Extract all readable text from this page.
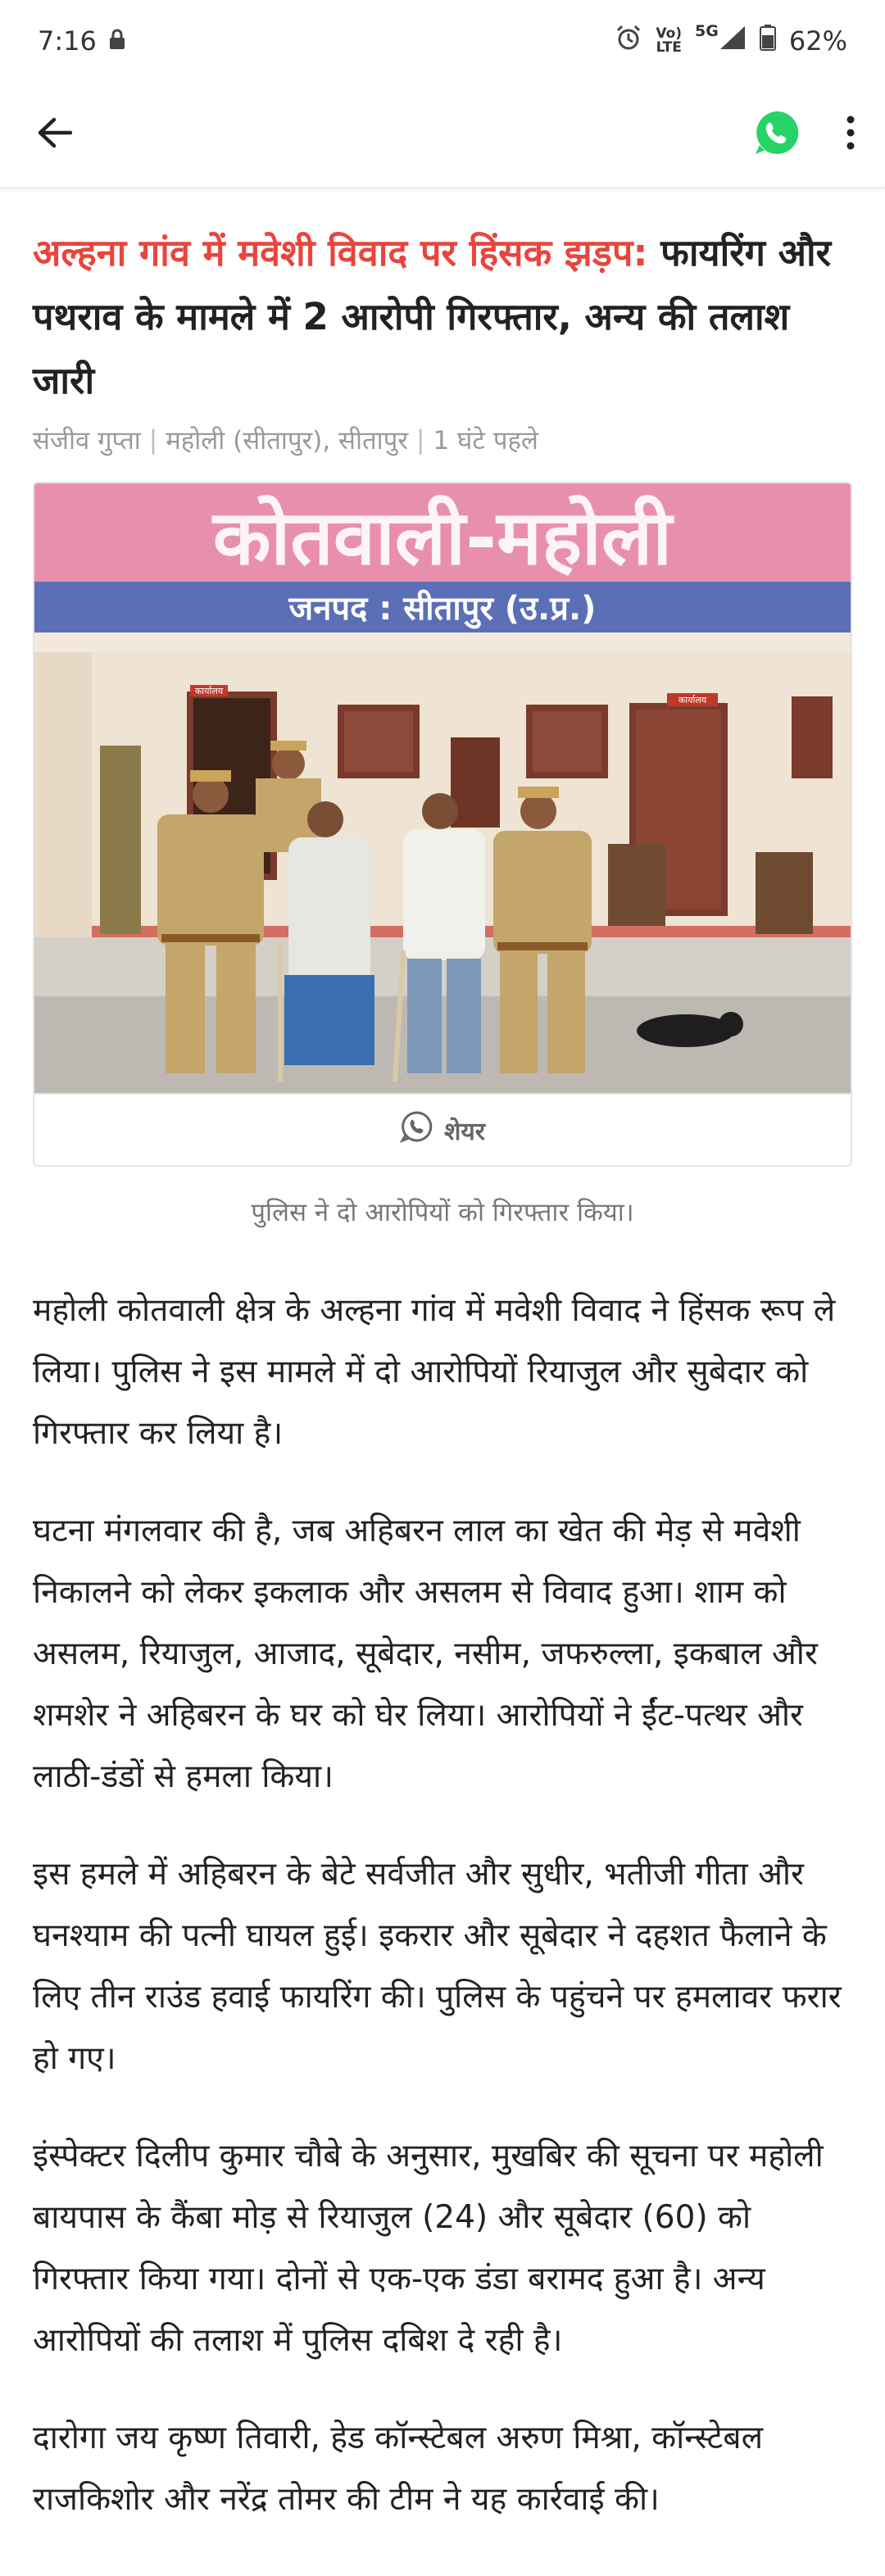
7:16	Vo)
LTE
5G	62%
अल्हना गांव में मवेशी विवाद पर हिंसक झड़प: फायरिंग और पथराव के मामले में 2 आरोपी गिरफ्तार, अन्य की तलाश जारी
संजीव गुप्ता | महोली (सीतापुर), सीतापुर | 1 घंटे पहले
कोतवाली-महोली
जनपद : सीतापुर (उ.प्र.)
कार्यालय
कार्यालय
शेयर
पुलिस ने दो आरोपियों को गिरफ्तार किया।

महोली कोतवाली क्षेत्र के अल्हना गांव में मवेशी विवाद ने हिंसक रूप ले लिया। पुलिस ने इस मामले में दो आरोपियों रियाजुल और सुबेदार को गिरफ्तार कर लिया है।

घटना मंगलवार की है, जब अहिबरन लाल का खेत की मेड़ से मवेशी निकालने को लेकर इकलाक और असलम से विवाद हुआ। शाम को असलम, रियाजुल, आजाद, सूबेदार, नसीम, जफरुल्ला, इकबाल और शमशेर ने अहिबरन के घर को घेर लिया। आरोपियों ने ईंट-पत्थर और लाठी-डंडों से हमला किया।

इस हमले में अहिबरन के बेटे सर्वजीत और सुधीर, भतीजी गीता और घनश्याम की पत्नी घायल हुई। इकरार और सूबेदार ने दहशत फैलाने के लिए तीन राउंड हवाई फायरिंग की। पुलिस के पहुंचने पर हमलावर फरार हो गए।

इंस्पेक्टर दिलीप कुमार चौबे के अनुसार, मुखबिर की सूचना पर महोली बायपास के कैंबा मोड़ से रियाजुल (24) और सूबेदार (60) को गिरफ्तार किया गया। दोनों से एक-एक डंडा बरामद हुआ है। अन्य आरोपियों की तलाश में पुलिस दबिश दे रही है।

दारोगा जय कृष्ण तिवारी, हेड कॉन्स्टेबल अरुण मिश्रा, कॉन्स्टेबल राजकिशोर और नरेंद्र तोमर की टीम ने यह कार्रवाई की।
